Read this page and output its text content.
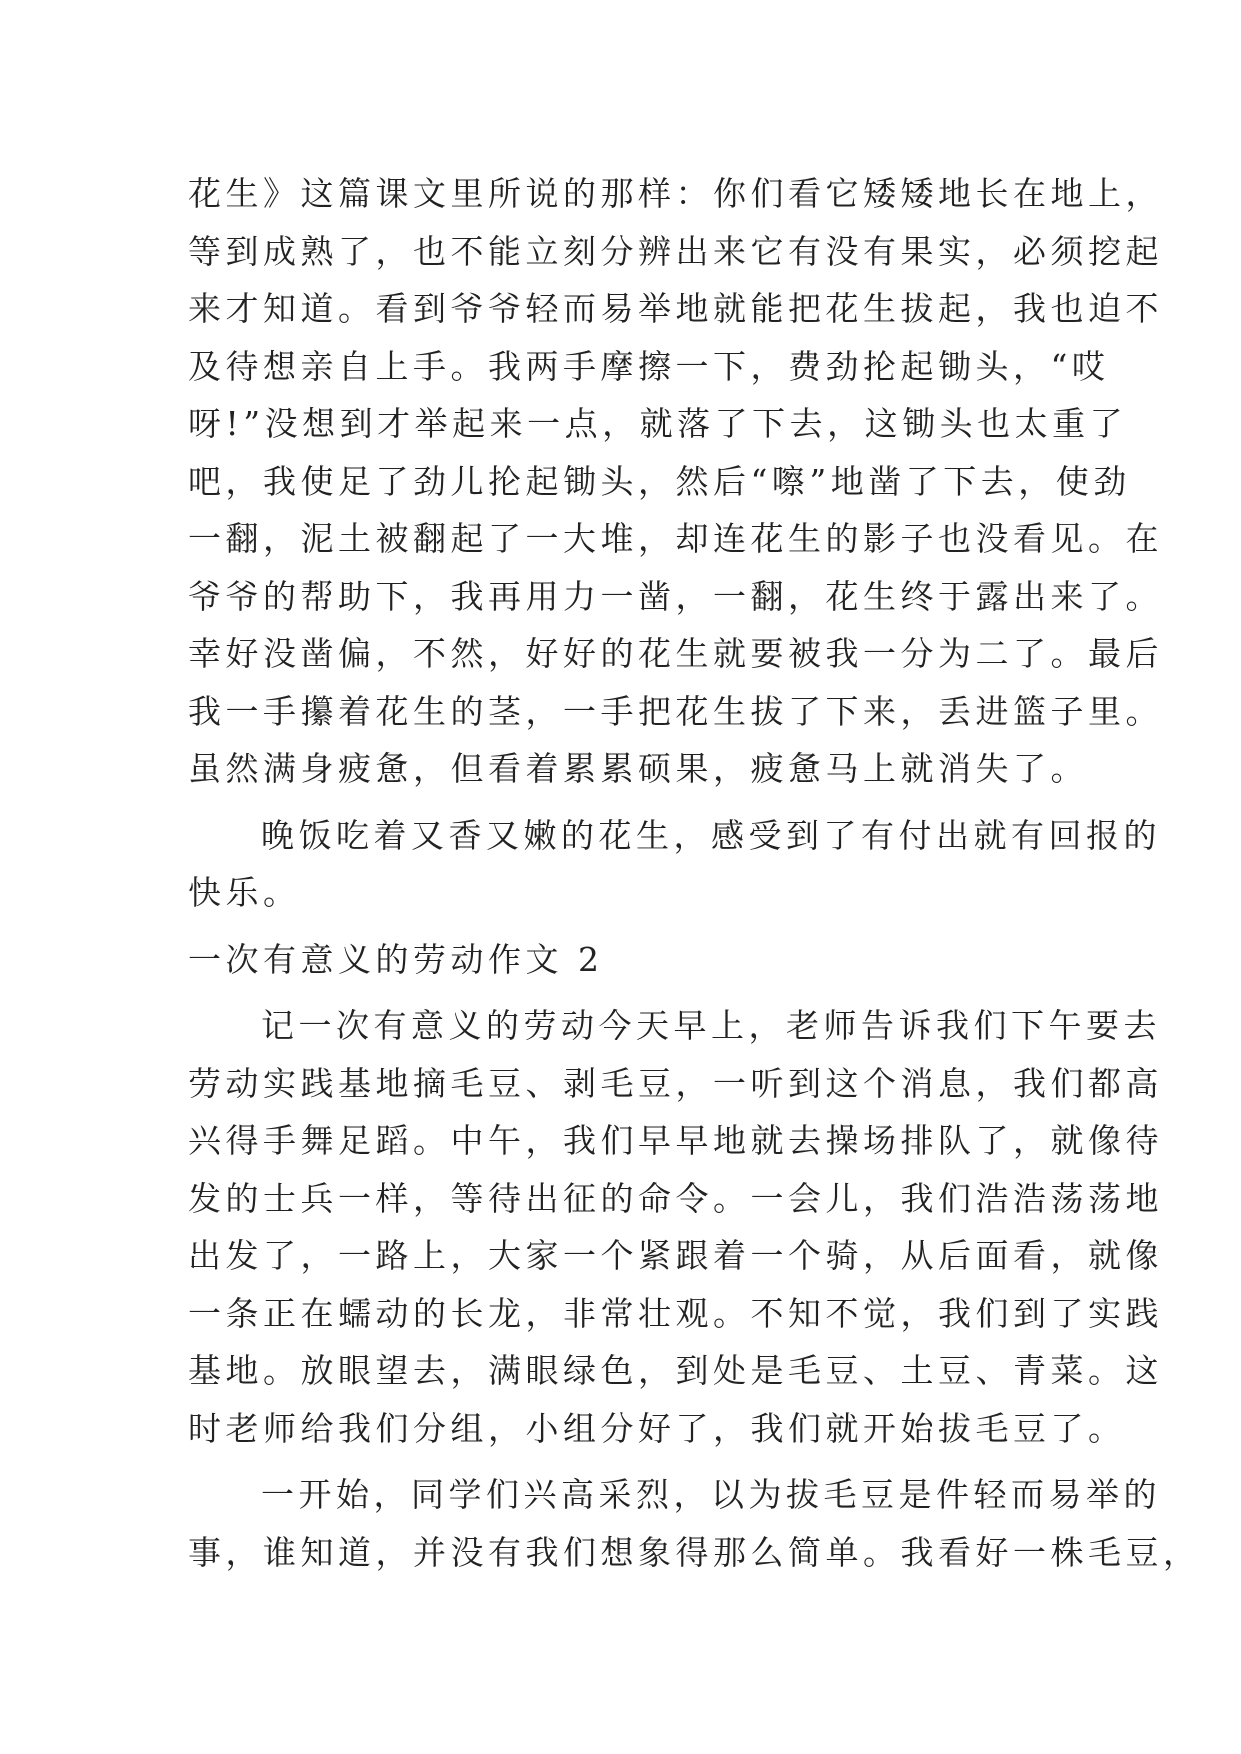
花生》这篇课文里所说的那样：你们看它矮矮地长在地上，
等到成熟了，也不能立刻分辨出来它有没有果实，必须挖起
来才知道。看到爷爷轻而易举地就能把花生拔起，我也迫不
及待想亲自上手。我两手摩擦一下，费劲抡起锄头，“哎
呀!”没想到才举起来一点，就落了下去，这锄头也太重了
吧，我使足了劲儿抡起锄头，然后“嚓”地凿了下去，使劲
一翻，泥土被翻起了一大堆，却连花生的影子也没看见。在
爷爷的帮助下，我再用力一凿，一翻，花生终于露出来了。
幸好没凿偏，不然，好好的花生就要被我一分为二了。最后
我一手攥着花生的茎，一手把花生拔了下来，丢进篮子里。
虽然满身疲惫，但看着累累硕果，疲惫马上就消失了。
晚饭吃着又香又嫩的花生，感受到了有付出就有回报的
快乐。
一次有意义的劳动作文 2
记一次有意义的劳动今天早上，老师告诉我们下午要去
劳动实践基地摘毛豆、剥毛豆，一听到这个消息，我们都高
兴得手舞足蹈。中午，我们早早地就去操场排队了，就像待
发的士兵一样，等待出征的命令。一会儿，我们浩浩荡荡地
出发了，一路上，大家一个紧跟着一个骑，从后面看，就像
一条正在蠕动的长龙，非常壮观。不知不觉，我们到了实践
基地。放眼望去，满眼绿色，到处是毛豆、土豆、青菜。这
时老师给我们分组，小组分好了，我们就开始拔毛豆了。
一开始，同学们兴高采烈，以为拔毛豆是件轻而易举的
事，谁知道，并没有我们想象得那么简单。我看好一株毛豆，
